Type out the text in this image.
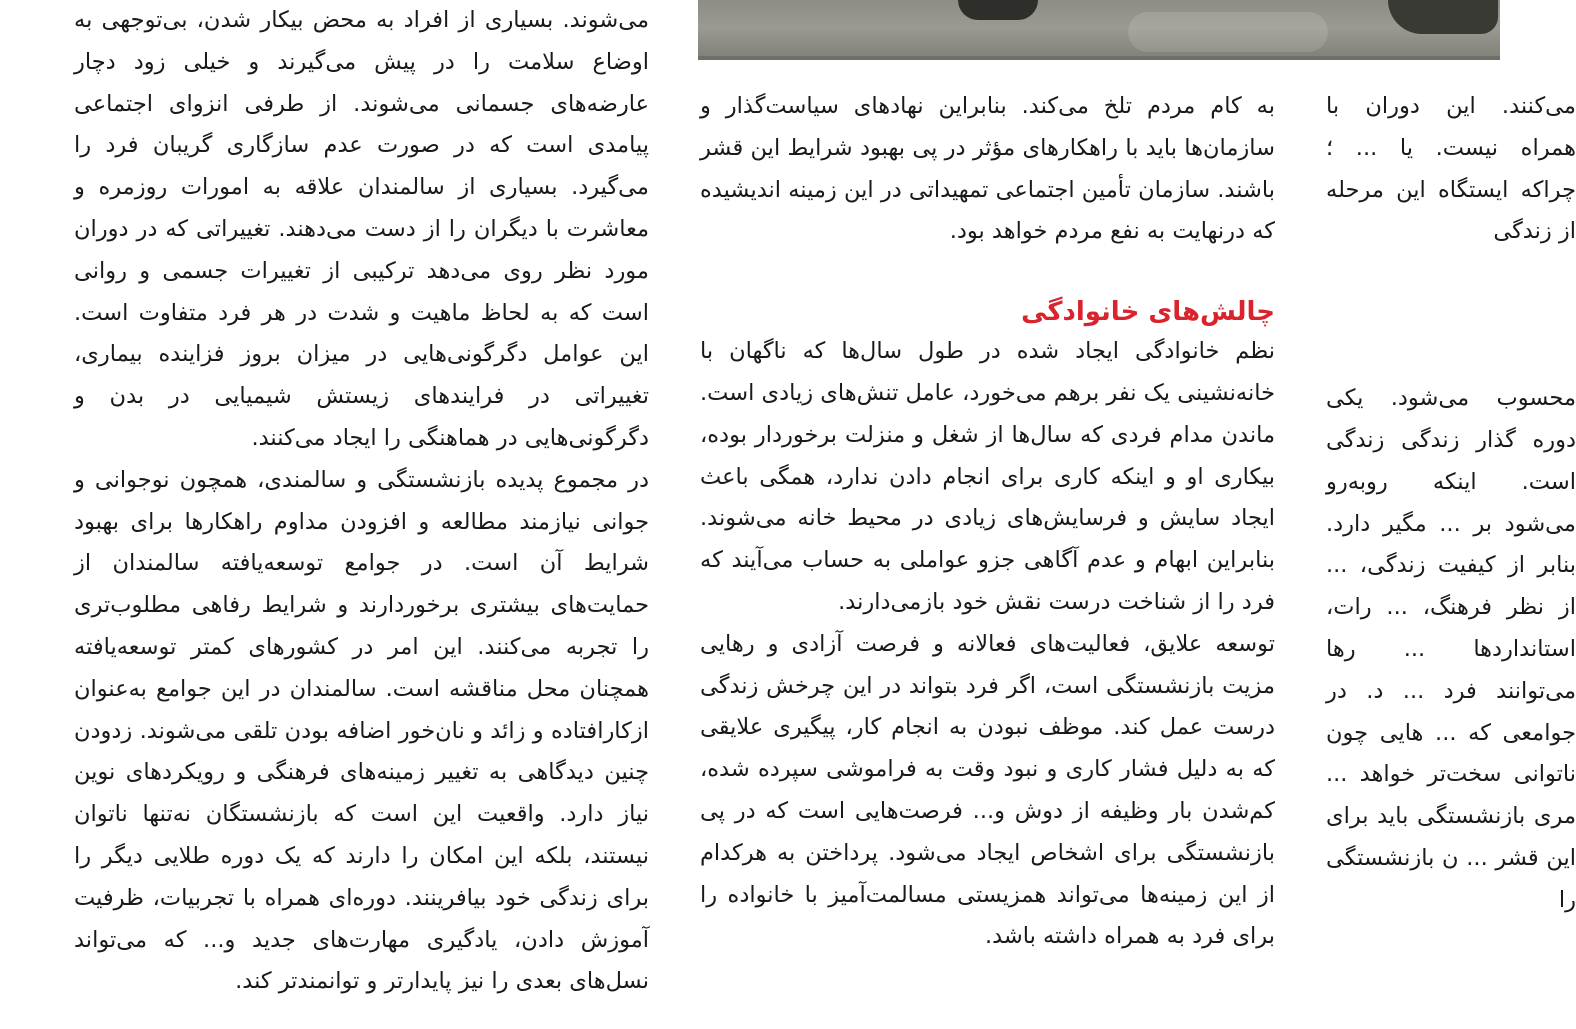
می‌شوند. بسیاری از افراد به محض بیکار شدن، بی‌توجهی به اوضاع سلامت را در پیش می‌گیرند و خیلی زود دچار عارضه‌های جسمانی می‌شوند. از طرفی انزوای اجتماعی پیامدی است که در صورت عدم سازگاری گریبان فرد را می‌گیرد. بسیاری از سالمندان علاقه به امورات روزمره و معاشرت با دیگران را از دست می‌دهند. تغییراتی که در دوران مورد نظر روی می‌دهد ترکیبی از تغییرات جسمی و روانی است که به لحاظ ماهیت و شدت در هر فرد متفاوت است. این عوامل دگرگونی‌هایی در میزان بروز فزاینده بیماری، تغییراتی در فرایندهای زیستش شیمیایی در بدن و دگرگونی‌هایی در هماهنگی را ایجاد می‌کنند.

در مجموع پدیده بازنشستگی و سالمندی، همچون نوجوانی و جوانی نیازمند مطالعه و افزودن مداوم راهکارها برای بهبود شرایط آن است. در جوامع توسعه‌یافته سالمندان از حمایت‌های بیشتری برخوردارند و شرایط رفاهی مطلوب‌تری را تجربه می‌کنند. این امر در کشورهای کمتر توسعه‌یافته همچنان محل مناقشه است. سالمندان در این جوامع به‌عنوان ازکارافتاده و زائد و نان‌خور اضافه بودن تلقی می‌شوند. زدودن چنین دیدگاهی به تغییر زمینه‌های فرهنگی و رویکردهای نوین نیاز دارد. واقعیت این است که بازنشستگان نه‌تنها ناتوان نیستند، بلکه این امکان را دارند که یک دوره طلایی دیگر را برای زندگی خود بیافرینند. دوره‌ای همراه با تجربیات، ظرفیت آموزش دادن، یادگیری مهارت‌های جدید و... که می‌تواند نسل‌های بعدی را نیز پایدارتر و توانمندتر کند.

به کام مردم تلخ می‌کند. بنابراین نهادهای سیاست‌گذار و سازمان‌ها باید با راهکارهای مؤثر در پی بهبود شرایط این قشر باشند. سازمان تأمین اجتماعی تمهیداتی در این زمینه اندیشیده که درنهایت به نفع مردم خواهد بود.

چالش‌های خانوادگی

نظم خانوادگی ایجاد شده در طول سال‌ها که ناگهان با خانه‌نشینی یک نفر برهم می‌خورد، عامل تنش‌های زیادی است. ماندن مدام فردی که سال‌ها از شغل و منزلت برخوردار بوده، بیکاری او و اینکه کاری برای انجام دادن ندارد، همگی باعث ایجاد سایش و فرسایش‌های زیادی در محیط خانه می‌شوند. بنابراین ابهام و عدم آگاهی جزو عواملی به حساب می‌آیند که فرد را از شناخت درست نقش خود بازمی‌دارند.

توسعه علایق، فعالیت‌های فعالانه و فرصت آزادی و رهایی مزیت بازنشستگی است، اگر فرد بتواند در این چرخش زندگی درست عمل کند. موظف نبودن به انجام کار، پیگیری علایقی که به دلیل فشار کاری و نبود وقت به فراموشی سپرده شده، کم‌شدن بار وظیفه از دوش و... فرصت‌هایی است که در پی بازنشستگی برای اشخاص ایجاد می‌شود. پرداختن به هرکدام از این زمینه‌ها می‌تواند همزیستی مسالمت‌آمیز با خانواده را برای فرد به همراه داشته باشد.

می‌کنند. این دوران با همراه نیست. یا ... ؛ چراکه ایستگاه این مرحله از زندگی

محسوب می‌شود. یکی دوره گذار زندگی زندگی است. اینکه روبه‌رو می‌شود بر ... مگیر دارد. بنابر از کیفیت زندگی، ... از نظر فرهنگ، ... رات، استانداردها ... رها می‌توانند فرد ... د. در جوامعی که ... هایی چون ناتوانی سخت‌تر خواهد ... مری بازنشستگی باید برای این قشر ... ن بازنشستگی را
